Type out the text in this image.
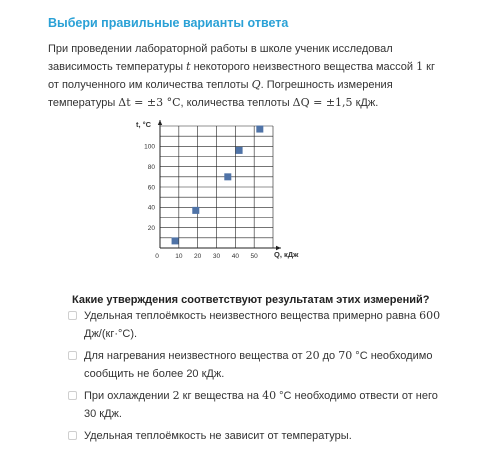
Выбери правильные варианты ответа
При проведении лабораторной работы в школе ученик исследовал
зависимость температуры t некоторого неизвестного вещества массой 1 кг
от полученного им количества теплоты Q. Погрешность измерения
температуры Δt = ±3 °C, количества теплоты ΔQ = ±1,5 кДж.
0	10 20 30 40 50
20
40
60
80
100
t, °C
Q, кДж
Какие утверждения соответствуют результатам этих измерений?
Удельная теплоёмкость неизвестного вещества примерно равна 600
Дж/(кг·°C).
Для нагревания неизвестного вещества от 20 до 70 °C необходимо
сообщить не более 20 кДж.
При охлаждении 2 кг вещества на 40 °C необходимо отвести от него
30 кДж.
Удельная теплоёмкость не зависит от температуры.
